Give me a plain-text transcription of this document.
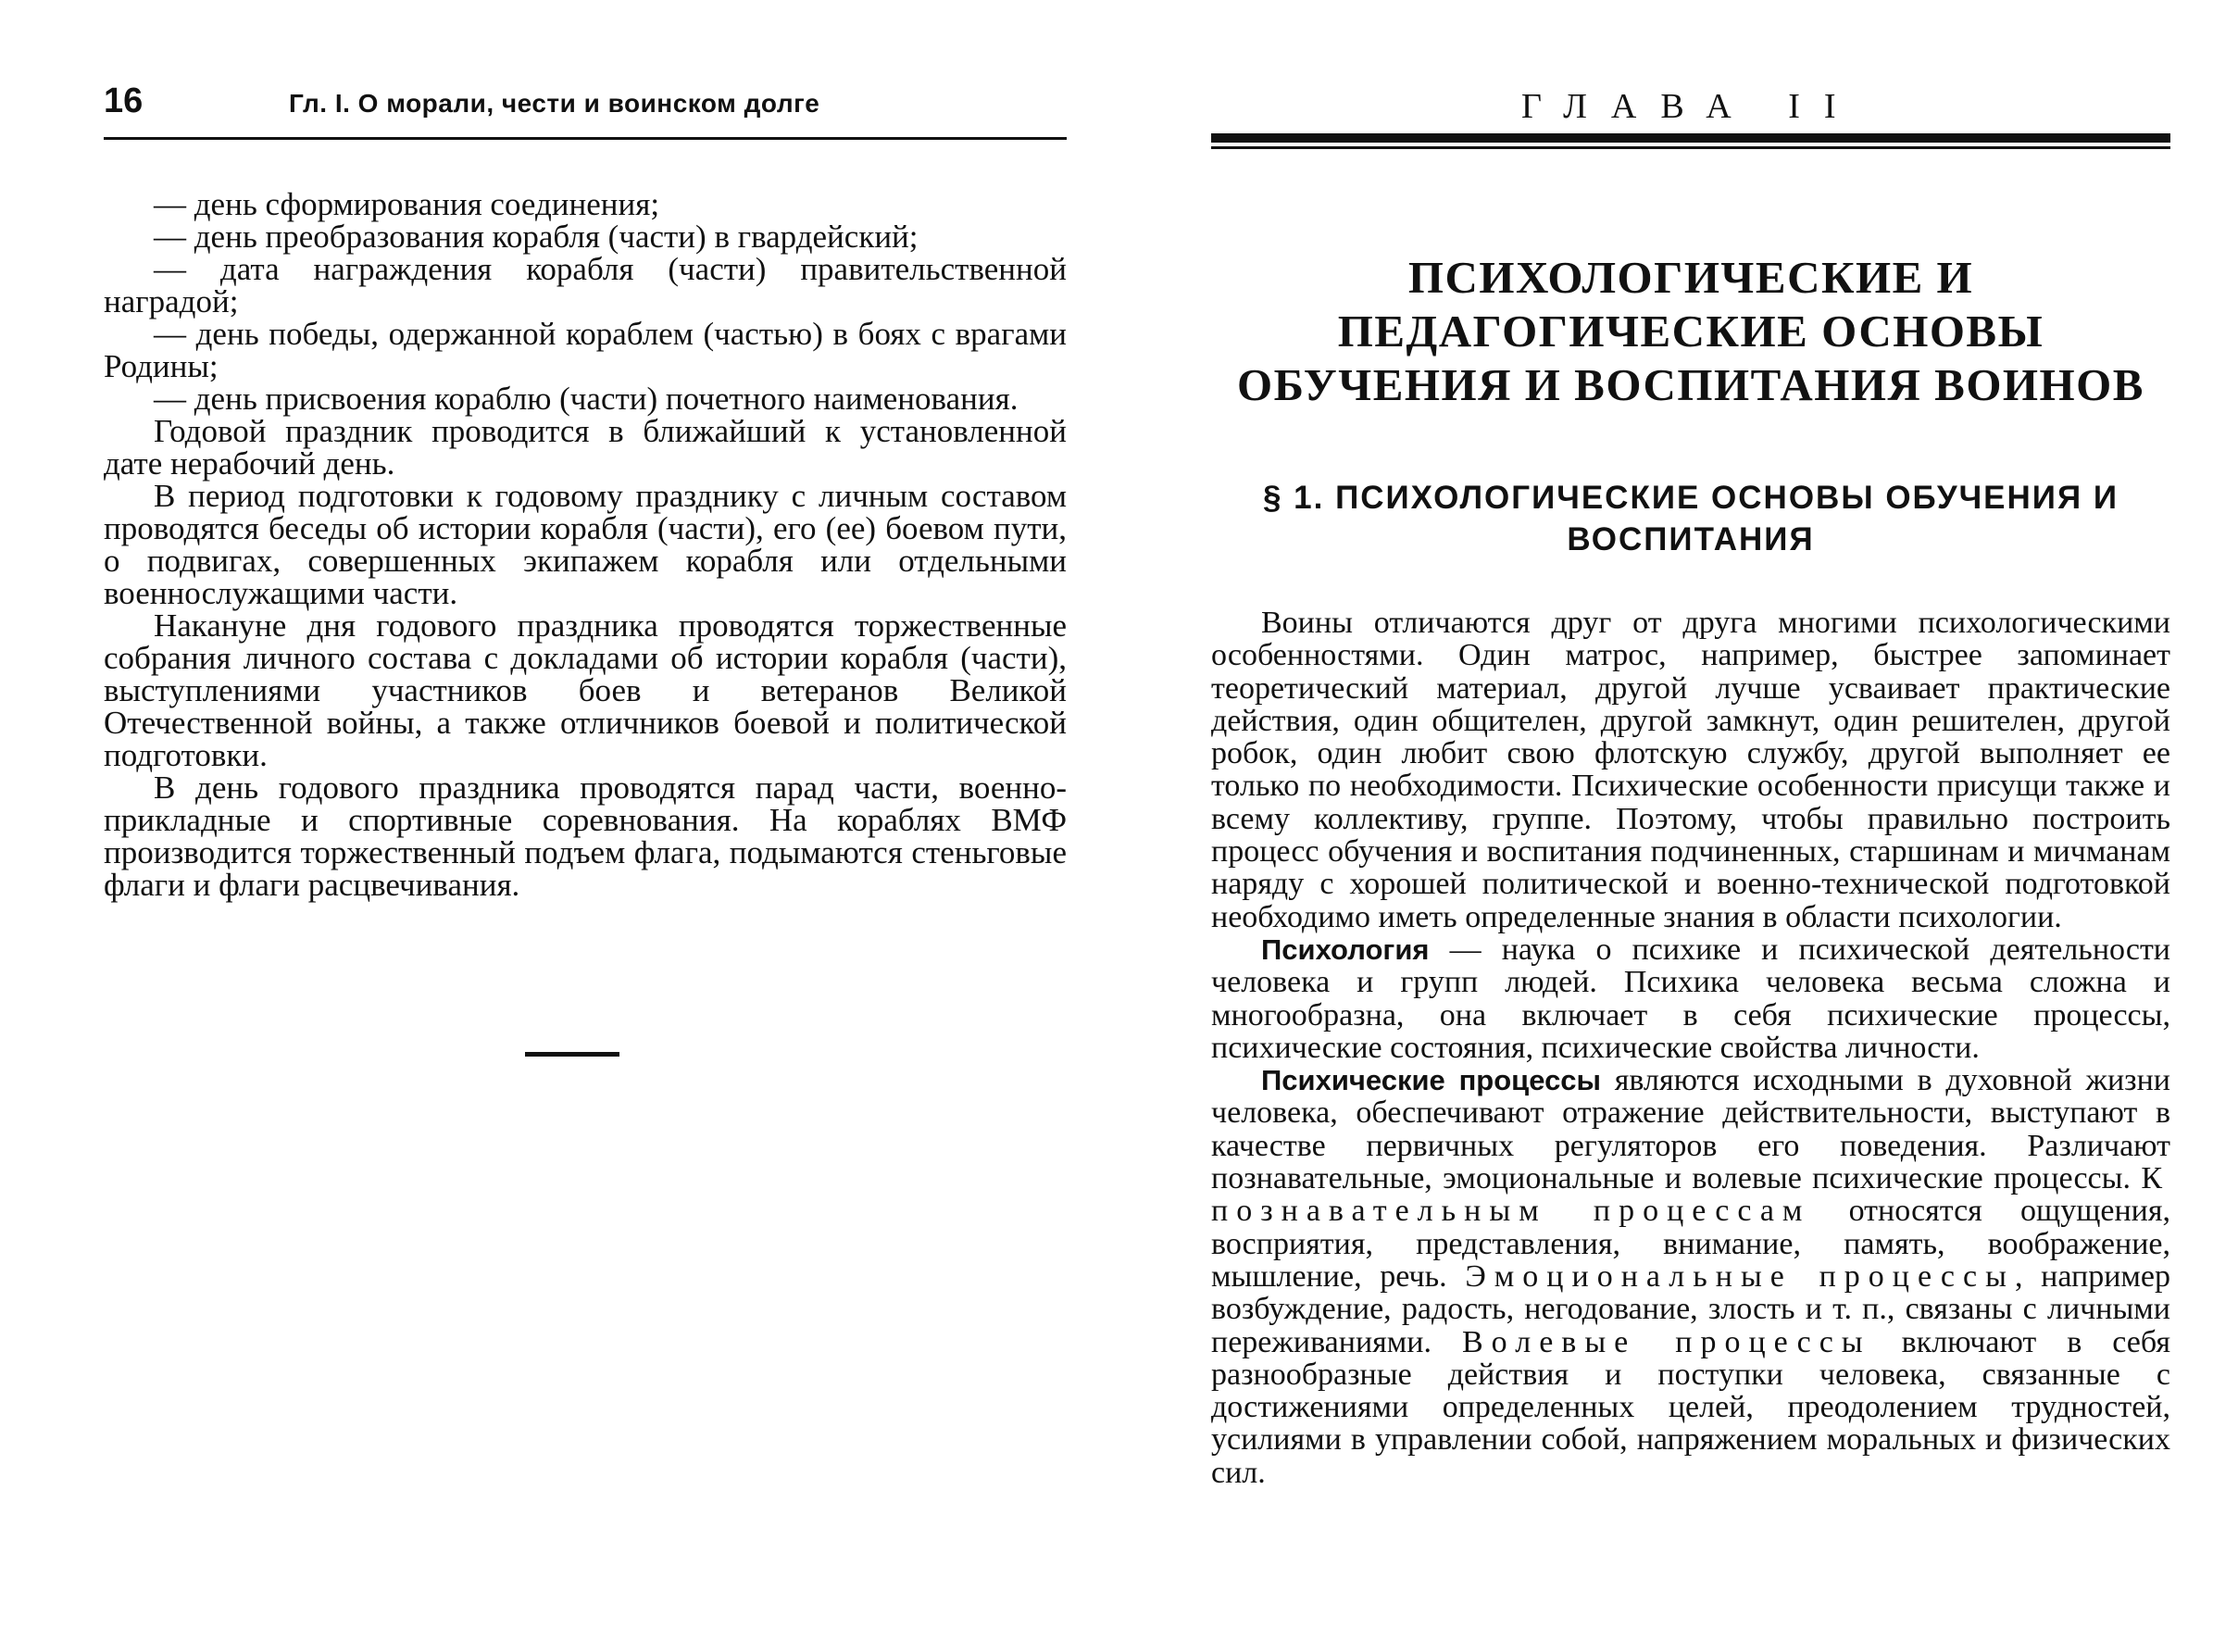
16	Гл. I. О морали, чести и воинском долге

— день сформирования соединения;

— день преобразования корабля (части) в гвардейский;

— дата награждения корабля (части) правительственной наградой;

— день победы, одержанной кораблем (частью) в боях с врагами Родины;

— день присвоения кораблю (части) почетного наименования.

Годовой праздник проводится в ближайший к установленной дате нерабочий день.

В период подготовки к годовому празднику с личным составом проводятся беседы об истории корабля (части), его (ее) боевом пути, о подвигах, совершенных экипажем корабля или отдельными военнослужащими части.

Накануне дня годового праздника проводятся торжественные собрания личного состава с докладами об истории корабля (части), выступлениями участников боев и ветеранов Великой Отечественной войны, а также отличников боевой и политической подготовки.

В день годового праздника проводятся парад части, военно-прикладные и спортивные соревнования. На кораблях ВМФ производится торжественный подъем флага, подымаются стеньговые флаги и флаги расцвечивания.

ГЛАВА II
ПСИХОЛОГИЧЕСКИЕ И ПЕДАГОГИЧЕСКИЕ ОСНОВЫ ОБУЧЕНИЯ И ВОСПИТАНИЯ ВОИНОВ
§ 1. ПСИХОЛОГИЧЕСКИЕ ОСНОВЫ ОБУЧЕНИЯ И ВОСПИТАНИЯ

Воины отличаются друг от друга многими психологическими особенностями. Один матрос, например, быстрее запоминает теоретический материал, другой лучше усваивает практические действия, один общителен, другой замкнут, один решителен, другой робок, один любит свою флотскую службу, другой выполняет ее только по необходимости. Психические особенности присущи также и всему коллективу, группе. Поэтому, чтобы правильно построить процесс обучения и воспитания подчиненных, старшинам и мичманам наряду с хорошей политической и военно-технической подготовкой необходимо иметь определенные знания в области психологии.

Психология — наука о психике и психической деятельности человека и групп людей. Психика человека весьма сложна и многообразна, она включает в себя психические процессы, психические состояния, психические свойства личности.

Психические процессы являются исходными в духовной жизни человека, обеспечивают отражение действительности, выступают в качестве первичных регуляторов его поведения. Различают познавательные, эмоциональные и волевые психические процессы. К познавательным процессам относятся ощущения, восприятия, представления, внимание, память, воображение, мышление, речь. Эмоциональные процессы, например возбуждение, радость, негодование, злость и т. п., связаны с личными переживаниями. Волевые процессы включают в себя разнообразные действия и поступки человека, связанные с достижениями определенных целей, преодолением трудностей, усилиями в управлении собой, напряжением моральных и физических сил.
